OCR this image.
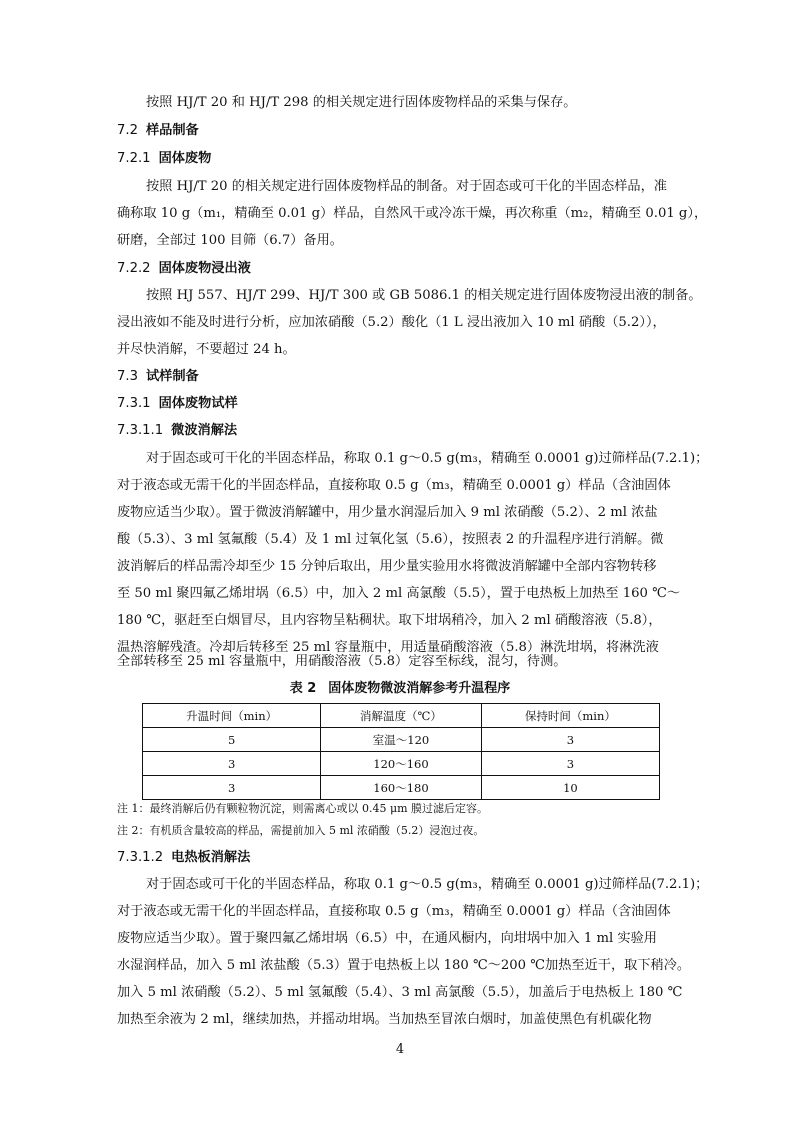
按照 HJ/T 20 和 HJ/T 298 的相关规定进行固体废物样品的采集与保存。
7.2 样品制备
7.2.1 固体废物
按照 HJ/T 20 的相关规定进行固体废物样品的制备。对于固态或可干化的半固态样品，准
确称取 10 g（m₁，精确至 0.01 g）样品，自然风干或冷冻干燥，再次称重（m₂，精确至 0.01 g），
研磨，全部过 100 目筛（6.7）备用。
7.2.2 固体废物浸出液
按照 HJ 557、HJ/T 299、HJ/T 300 或 GB 5086.1 的相关规定进行固体废物浸出液的制备。
浸出液如不能及时进行分析，应加浓硝酸（5.2）酸化（1 L 浸出液加入 10 ml 硝酸（5.2）），
并尽快消解，不要超过 24 h。
7.3 试样制备
7.3.1 固体废物试样
7.3.1.1 微波消解法
对于固态或可干化的半固态样品，称取 0.1 g～0.5 g(m₃，精确至 0.0001 g)过筛样品(7.2.1)；
对于液态或无需干化的半固态样品，直接称取 0.5 g（m₃，精确至 0.0001 g）样品（含油固体
废物应适当少取）。置于微波消解罐中，用少量水润湿后加入 9 ml 浓硝酸（5.2）、2 ml 浓盐
酸（5.3）、3 ml 氢氟酸（5.4）及 1 ml 过氧化氢（5.6），按照表 2 的升温程序进行消解。微
波消解后的样品需冷却至少 15 分钟后取出，用少量实验用水将微波消解罐中全部内容物转移
至 50 ml 聚四氟乙烯坩埚（6.5）中，加入 2 ml 高氯酸（5.5），置于电热板上加热至 160 ℃～
180 ℃，驱赶至白烟冒尽，且内容物呈粘稠状。取下坩埚稍冷，加入 2 ml 硝酸溶液（5.8），
温热溶解残渣。冷却后转移至 25 ml 容量瓶中，用适量硝酸溶液（5.8）淋洗坩埚，将淋洗液
全部转移至 25 ml 容量瓶中，用硝酸溶液（5.8）定容至标线，混匀，待测。
表 2 固体废物微波消解参考升温程序
升温时间（min）	消解温度（℃）	保持时间（min）
5	室温～120	3
3	120～160	3
3	160～180	10
注 1：最终消解后仍有颗粒物沉淀，则需离心或以 0.45 μm 膜过滤后定容。
注 2：有机质含量较高的样品，需提前加入 5 ml 浓硝酸（5.2）浸泡过夜。
7.3.1.2 电热板消解法
对于固态或可干化的半固态样品，称取 0.1 g～0.5 g(m₃，精确至 0.0001 g)过筛样品(7.2.1)；
对于液态或无需干化的半固态样品，直接称取 0.5 g（m₃，精确至 0.0001 g）样品（含油固体
废物应适当少取）。置于聚四氟乙烯坩埚（6.5）中，在通风橱内，向坩埚中加入 1 ml 实验用
水湿润样品，加入 5 ml 浓盐酸（5.3）置于电热板上以 180 ℃～200 ℃加热至近干，取下稍冷。
加入 5 ml 浓硝酸（5.2）、5 ml 氢氟酸（5.4）、3 ml 高氯酸（5.5），加盖后于电热板上 180 ℃
加热至余液为 2 ml，继续加热，并摇动坩埚。当加热至冒浓白烟时，加盖使黑色有机碳化物
4
